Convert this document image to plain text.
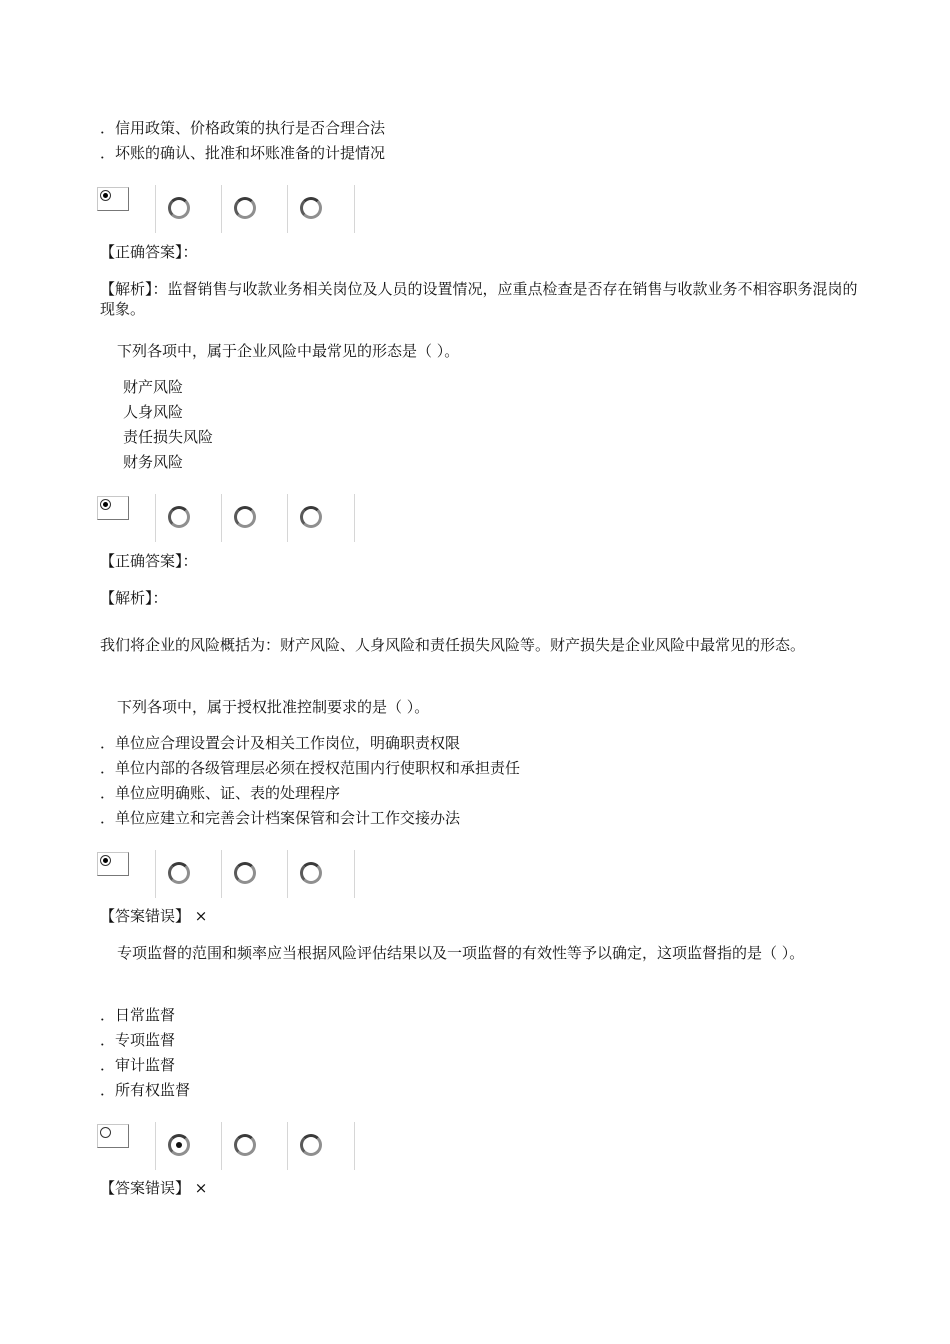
．信用政策、价格政策的执行是否合理合法
．坏账的确认、批准和坏账准备的计提情况
【正确答案】：
【解析】：监督销售与收款业务相关岗位及人员的设置情况，应重点检查是否存在销售与收款业务不相容职务混岗的现象。
下列各项中，属于企业风险中最常见的形态是（ ）。
财产风险
人身风险
责任损失风险
财务风险
【正确答案】：
【解析】：
我们将企业的风险概括为：财产风险、人身风险和责任损失风险等。财产损失是企业风险中最常见的形态。
下列各项中，属于授权批准控制要求的是（ ）。
．单位应合理设置会计及相关工作岗位，明确职责权限
．单位内部的各级管理层必须在授权范围内行使职权和承担责任
．单位应明确账、证、表的处理程序
．单位应建立和完善会计档案保管和会计工作交接办法
【答案错误】 ×
专项监督的范围和频率应当根据风险评估结果以及一项监督的有效性等予以确定，这项监督指的是（ ）。
．日常监督
．专项监督
．审计监督
．所有权监督
【答案错误】 ×
